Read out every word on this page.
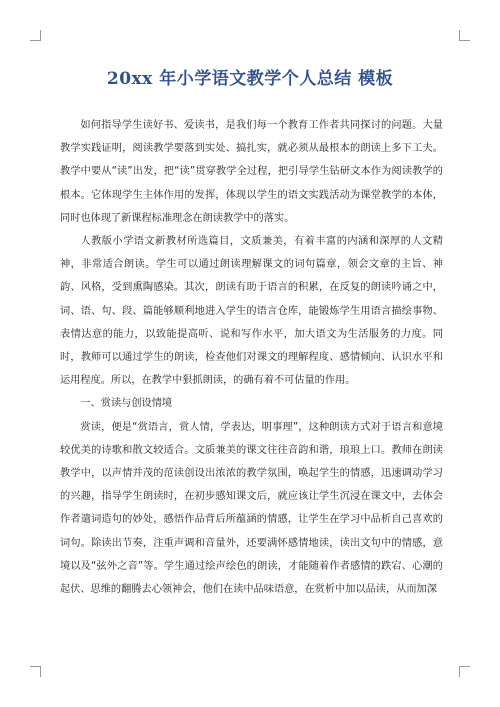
20xx 年小学语文教学个人总结 模板

如何指导学生读好书、爱读书，是我们每一个教育工作者共同探讨的问题。大量教学实践证明，阅读教学要落到实处、搞扎实，就必须从最根本的朗读上多下工夫。教学中要从“读”出发，把“读”贯穿教学全过程，把引导学生钻研文本作为阅读教学的根本。它体现学生主体作用的发挥，体现以学生的语文实践活动为课堂教学的本体，同时也体现了新课程标准理念在朗读教学中的落实。

人教版小学语文新教材所选篇目，文质兼美，有着丰富的内涵和深厚的人文精神，非常适合朗读。学生可以通过朗读理解课文的词句篇章，领会文章的主旨、神韵、风格，受到熏陶感染。其次，朗读有助于语言的积累，在反复的朗读吟诵之中，词、语、句、段、篇能够顺利地进入学生的语言仓库，能锻炼学生用语言描绘事物、表情达意的能力，以致能提高听、说和写作水平，加大语文为生活服务的力度。同时，教师可以通过学生的朗读，检查他们对课文的理解程度、感情倾向、认识水平和运用程度。所以，在教学中狠抓朗读，的确有着不可估量的作用。

一、赏读与创设情境

赏读，便是“赏语言，赏人情，学表达，明事理”，这种朗读方式对于语言和意境较优美的诗歌和散文较适合。文质兼美的课文往往音韵和谐，琅琅上口。教师在朗读教学中，以声情并茂的范读创设出浓浓的教学氛围，唤起学生的情感，迅速调动学习的兴趣，指导学生朗读时，在初步感知课文后，就应该让学生沉浸在课文中，去体会作者遣词造句的妙处，感悟作品背后所蕴涵的情感，让学生在学习中品析自己喜欢的词句。除读出节奏，注重声调和音量外，还要满怀感情地读，读出文句中的情感，意境以及“弦外之音”等。学生通过绘声绘色的朗读，才能随着作者感情的跌宕、心潮的起伏、思维的翻腾去心领神会，他们在读中品味语意，在赏析中加以品读，从而加深
